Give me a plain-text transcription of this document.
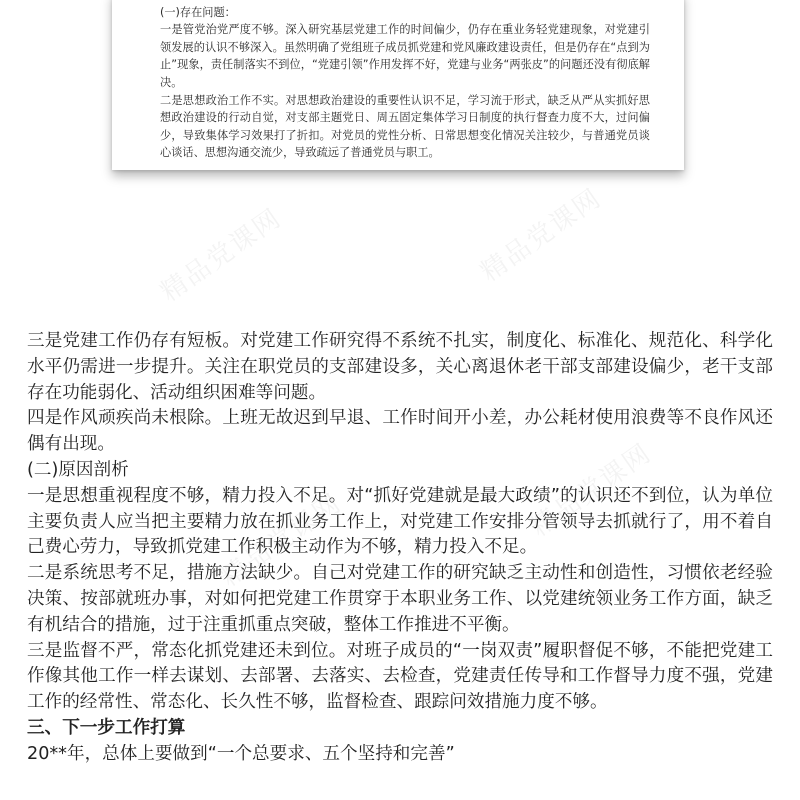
精品党课网	精品党课网
精品党课网	精品党课网

(一)存在问题：

一是管党治党严度不够。深入研究基层党建工作的时间偏少，仍存在重业务轻党建现象，对党建引领发展的认识不够深入。虽然明确了党组班子成员抓党建和党风廉政建设责任，但是仍存在“点到为止”现象，责任制落实不到位，“党建引领”作用发挥不好，党建与业务“两张皮”的问题还没有彻底解决。

二是思想政治工作不实。对思想政治建设的重要性认识不足，学习流于形式，缺乏从严从实抓好思想政治建设的行动自觉，对支部主题党日、周五固定集体学习日制度的执行督查力度不大，过问偏少，导致集体学习效果打了折扣。对党员的党性分析、日常思想变化情况关注较少，与普通党员谈心谈话、思想沟通交流少，导致疏远了普通党员与职工。

三是党建工作仍存有短板。对党建工作研究得不系统不扎实，制度化、标准化、规范化、科学化水平仍需进一步提升。关注在职党员的支部建设多，关心离退休老干部支部建设偏少，老干支部存在功能弱化、活动组织困难等问题。

四是作风顽疾尚未根除。上班无故迟到早退、工作时间开小差，办公耗材使用浪费等不良作风还偶有出现。

(二)原因剖析

一是思想重视程度不够，精力投入不足。对“抓好党建就是最大政绩”的认识还不到位，认为单位主要负责人应当把主要精力放在抓业务工作上，对党建工作安排分管领导去抓就行了，用不着自己费心劳力，导致抓党建工作积极主动作为不够，精力投入不足。

二是系统思考不足，措施方法缺少。自己对党建工作的研究缺乏主动性和创造性，习惯依老经验决策、按部就班办事，对如何把党建工作贯穿于本职业务工作、以党建统领业务工作方面，缺乏有机结合的措施，过于注重抓重点突破，整体工作推进不平衡。

三是监督不严，常态化抓党建还未到位。对班子成员的“一岗双责”履职督促不够，不能把党建工作像其他工作一样去谋划、去部署、去落实、去检查，党建责任传导和工作督导力度不强，党建工作的经常性、常态化、长久性不够，监督检查、跟踪问效措施力度不够。

三、下一步工作打算

20**年，总体上要做到“一个总要求、五个坚持和完善”
